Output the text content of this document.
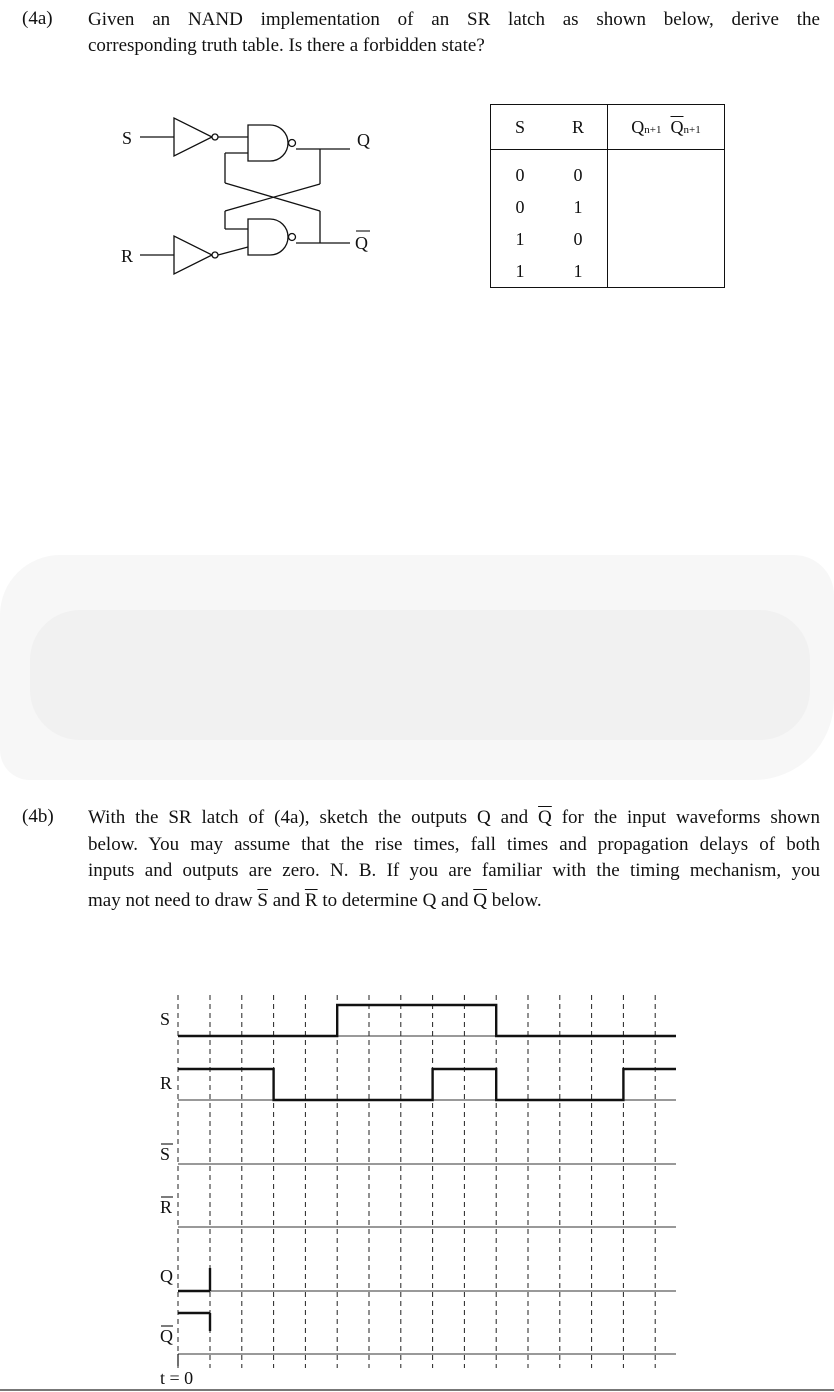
(4a) Given an NAND implementation of an SR latch as shown below, derive the
corresponding truth table. Is there a forbidden state?
S
R
Q
Q
S	R	Qn+1 $\overline{Q}n+1$
0	0	
0	1	
1	0	
1	1	
(4b) With the SR latch of (4a), sketch the outputs Q and $\overline{Q}$ for the input waveforms shown
below. You may assume that the rise times, fall times and propagation delays of both
inputs and outputs are zero. N. B. If you are familiar with the timing mechanism, you
may not need to draw $\overline{S}$ and $\overline{R}$ to determine Q and $\overline{Q}$ below.
S
R
S
R
Q
Q
t = 0
